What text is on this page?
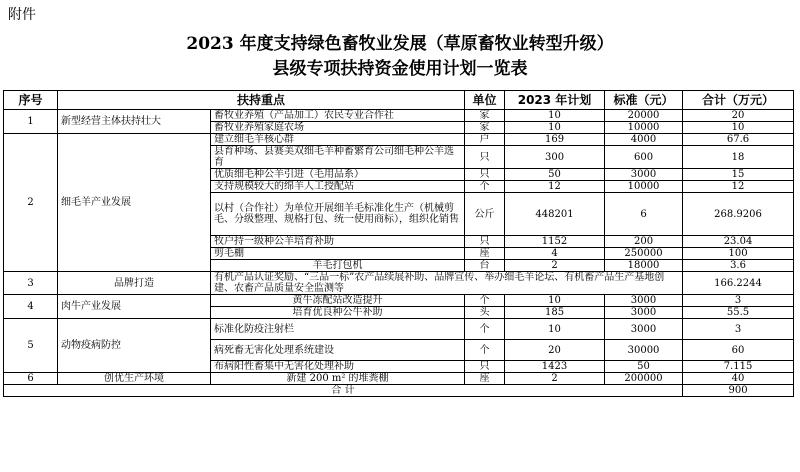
附件
2023 年度支持绿色畜牧业发展（草原畜牧业转型升级）
县级专项扶持资金使用计划一览表
序号	扶持重点		单位	2023 年计划	标准（元）	合计（万元）
1	新型经营主体扶持壮大	畜牧业养殖（产品加工）农民专业合作社	家	10	20000	20
		畜牧业养殖家庭农场	家	10	10000	10
2	细毛羊产业发展	建立细毛羊核心群	户	169	4000	67.6
		县育种场、县赛美双细毛羊种畜繁育公司细毛种公羊选育	只	300	600	18
		优质细毛种公羊引进（毛用品系）	只	50	3000	15
		支持规模较大的绵羊人工授配站	个	12	10000	12
		以村（合作社）为单位开展细羊毛标准化生产（机械剪毛、分级整理、规格打包、统一使用商标），组织化销售	公斤	448201	6	268.9206
		牧户持一级种公羊培育补助	只	1152	200	23.04
		剪毛棚	座	4	250000	100
		羊毛打包机	台	2	18000	3.6
3	品牌打造	有机产品认证奖励、“三品一标”农产品续展补助、品牌宣传、举办细毛羊论坛、有机畜产品生产基地创建、农畜产品质量安全监测等				166.2244
4	肉牛产业发展	黄牛冻配站改造提升	个	10	3000	3
		培育优良种公牛补助	头	185	3000	55.5
5	动物疫病防控	标准化防疫注射栏	个	10	3000	3
		病死畜无害化处理系统建设	个	20	30000	60
		布病阳性畜集中无害化处理补助	只	1423	50	7.115
6	创优生产环境	新建 200 m² 的堆粪棚	座	2	200000	40
合 计						900
